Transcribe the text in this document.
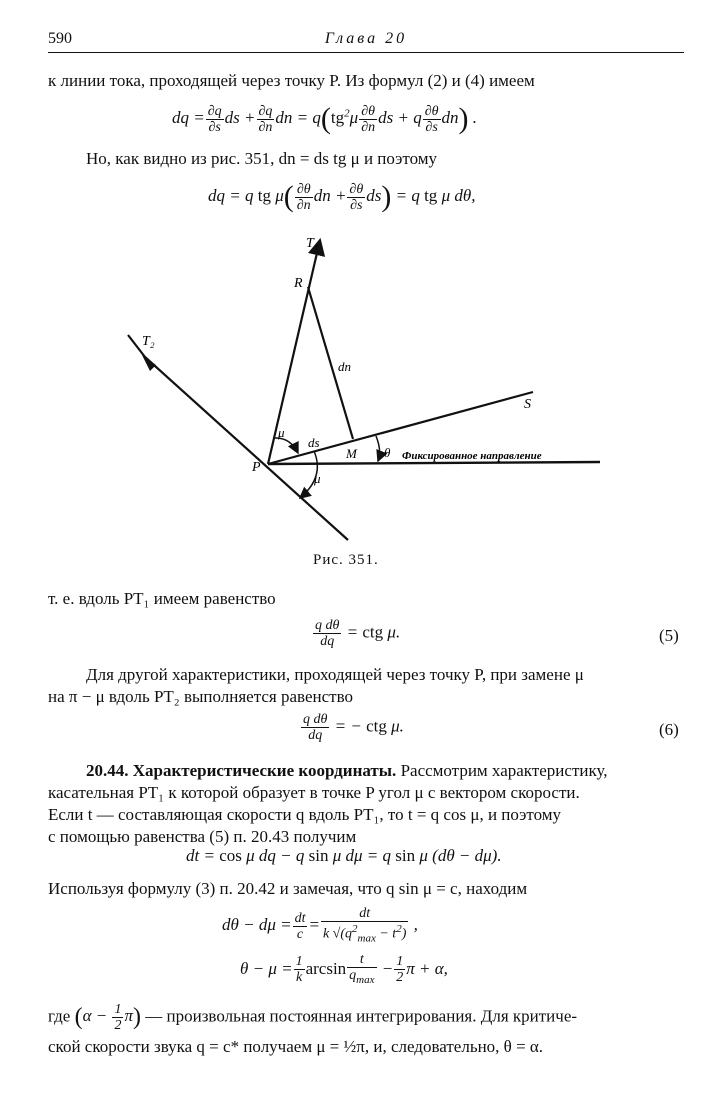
590	Глава 20
к линии тока, проходящей через точку P. Из формул (2) и (4) имеем
dq = $\frac{\partial q}{\partial s}$ ds + $\frac{\partial q}{\partial n}$ dn = $q(tg^2\mu \frac{\partial\theta}{\partial n}$ ds + q $\frac{\partial\theta}{\partial s} dn$) .
Но, как видно из рис. 351, dn = ds tg μ и поэтому
dq = q tg $\mu( \frac{\partial\theta}{\partial n}$ dn + $\frac{\partial\theta}{\partial s} ds) = q$ tg μ dθ,
T₁
T₂
R
dn
S
μ
ds
M θ Фиксированное направление
P
μ
Рис. 351.
т. е. вдоль PT₁ имеем равенство
$\frac{\text{q dθ}}{dq}$ = ctg μ.	(5)
Для другой характеристики, проходящей через точку P, при замене μ
на π − μ вдоль PT₂ выполняется равенство
$\frac{\text{q dθ}}{dq}$ = − ctg μ.	(6)
20.44. Характеристические координаты. Рассмотрим характеристику,
касательная PT₁ к которой образует в точке P угол μ с вектором скорости.
Если t — составляющая скорости q вдоль PT₁, то t = q cos μ, и поэтому
с помощью равенства (5) п. 20.43 получим
dt = cos μ dq − q sin μ dμ = q sin μ (dθ − dμ).
Используя формулу (3) п. 20.42 и замечая, что q sin μ = c, находим
$d\theta - d\mu = \frac{dt}{c}$ =
dt
k $√(q^2_{max} - t^2)$
,
$\theta - \mu = \frac{1}{k}$ arcsin t
$q_{max}$
− $\frac{1}{2}$ π + α,
где $(\alpha - \frac{1}{2} \pi)$ — произвольная постоянная интегрирования. Для критиче-
ской скорости звука q = c* получаем μ = ½π, и, следовательно, θ = α.
